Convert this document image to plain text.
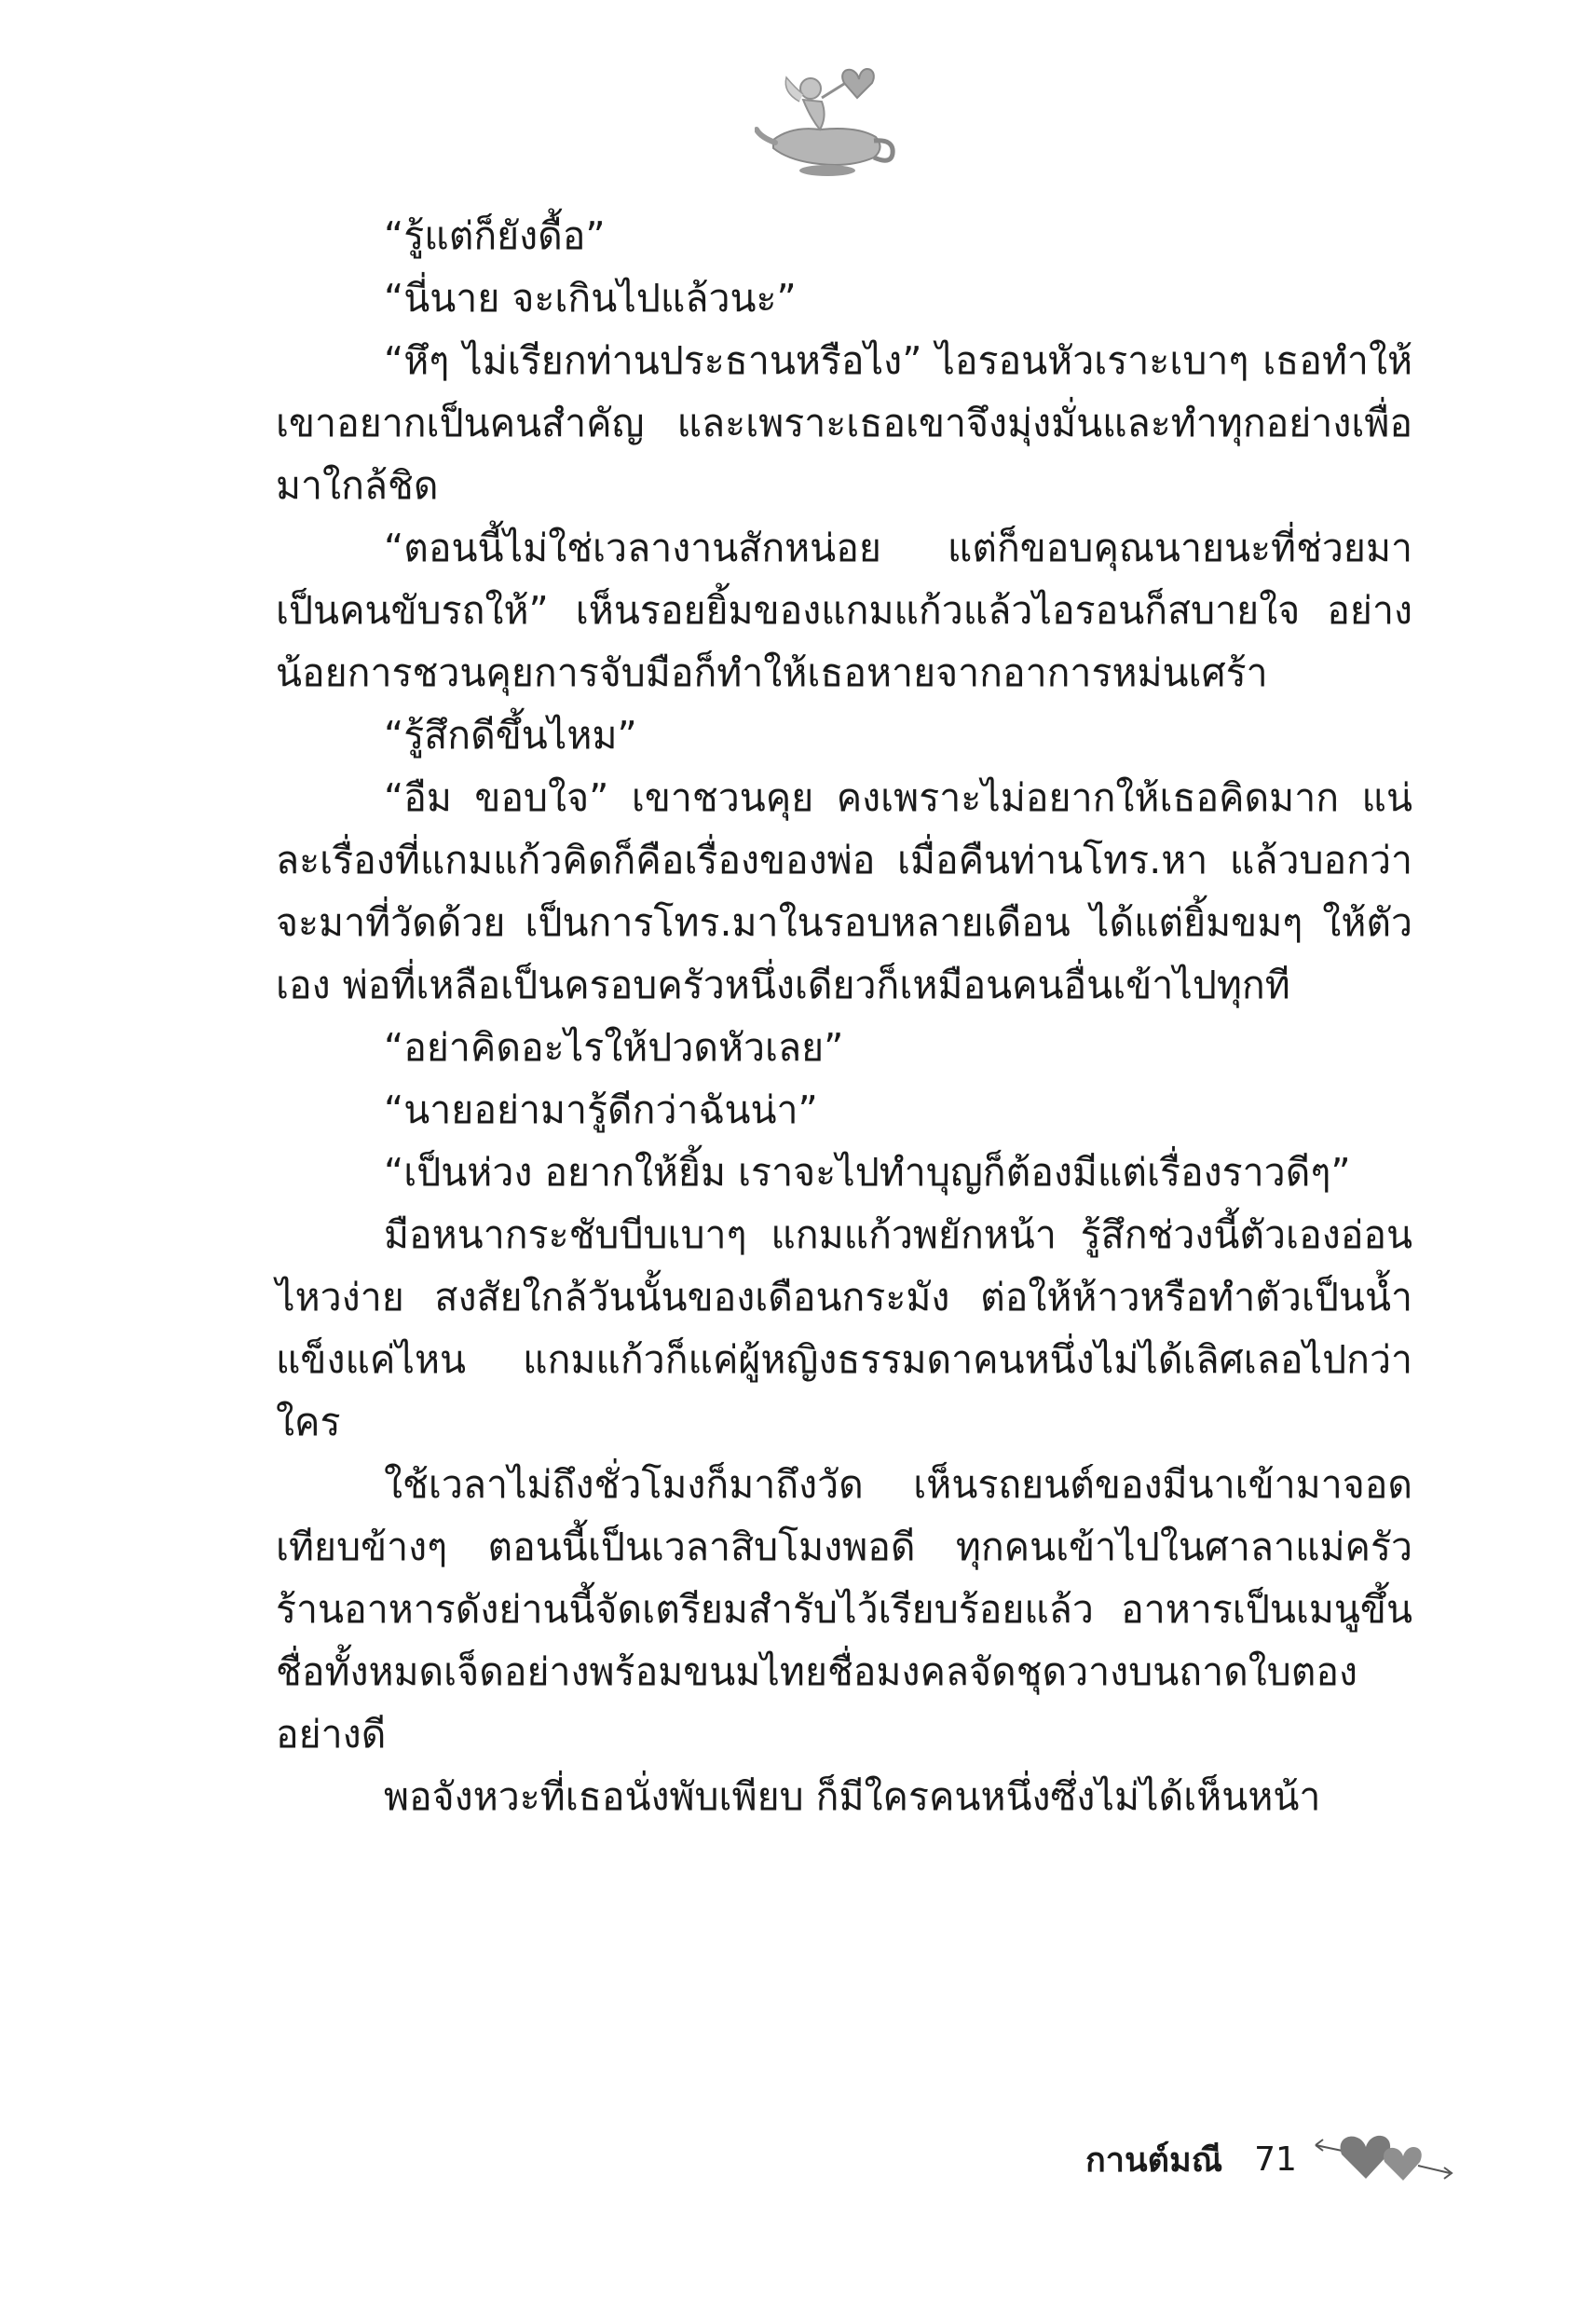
“รู้แต่ก็ยังดื้อ”

“นี่นาย จะเกินไปแล้วนะ”

“หึๆ ไม่เรียกท่านประธานหรือไง” ไอรอนหัวเราะเบาๆ เธอทำให้เขาอยากเป็นคนสำคัญ และเพราะเธอเขาจึงมุ่งมั่นและทำทุกอย่างเพื่อมาใกล้ชิด

“ตอนนี้ไม่ใช่เวลางานสักหน่อย แต่ก็ขอบคุณนายนะที่ช่วยมาเป็นคนขับรถให้” เห็นรอยยิ้มของแกมแก้วแล้วไอรอนก็สบายใจ อย่างน้อยการชวนคุยการจับมือก็ทำให้เธอหายจากอาการหม่นเศร้า

“รู้สึกดีขึ้นไหม”

“อืม ขอบใจ” เขาชวนคุย คงเพราะไม่อยากให้เธอคิดมาก แน่ละเรื่องที่แกมแก้วคิดก็คือเรื่องของพ่อ เมื่อคืนท่านโทร.หา แล้วบอกว่าจะมาที่วัดด้วย เป็นการโทร.มาในรอบหลายเดือน ได้แต่ยิ้มขมๆ ให้ตัวเอง พ่อที่เหลือเป็นครอบครัวหนึ่งเดียวก็เหมือนคนอื่นเข้าไปทุกที

“อย่าคิดอะไรให้ปวดหัวเลย”

“นายอย่ามารู้ดีกว่าฉันน่า”

“เป็นห่วง อยากให้ยิ้ม เราจะไปทำบุญก็ต้องมีแต่เรื่องราวดีๆ”

มือหนากระชับบีบเบาๆ แกมแก้วพยักหน้า รู้สึกช่วงนี้ตัวเองอ่อนไหวง่าย สงสัยใกล้วันนั้นของเดือนกระมัง ต่อให้ห้าวหรือทำตัวเป็นน้ำแข็งแค่ไหน แกมแก้วก็แค่ผู้หญิงธรรมดาคนหนึ่งไม่ได้เลิศเลอไปกว่าใคร

ใช้เวลาไม่ถึงชั่วโมงก็มาถึงวัด เห็นรถยนต์ของมีนาเข้ามาจอดเทียบข้างๆ ตอนนี้เป็นเวลาสิบโมงพอดี ทุกคนเข้าไปในศาลาแม่ครัวร้านอาหารดังย่านนี้จัดเตรียมสำรับไว้เรียบร้อยแล้ว อาหารเป็นเมนูขึ้นชื่อทั้งหมดเจ็ดอย่างพร้อมขนมไทยชื่อมงคลจัดชุดวางบนถาดใบตองอย่างดี

พอจังหวะที่เธอนั่งพับเพียบ ก็มีใครคนหนึ่งซึ่งไม่ได้เห็นหน้า

กานต์มณี 71
